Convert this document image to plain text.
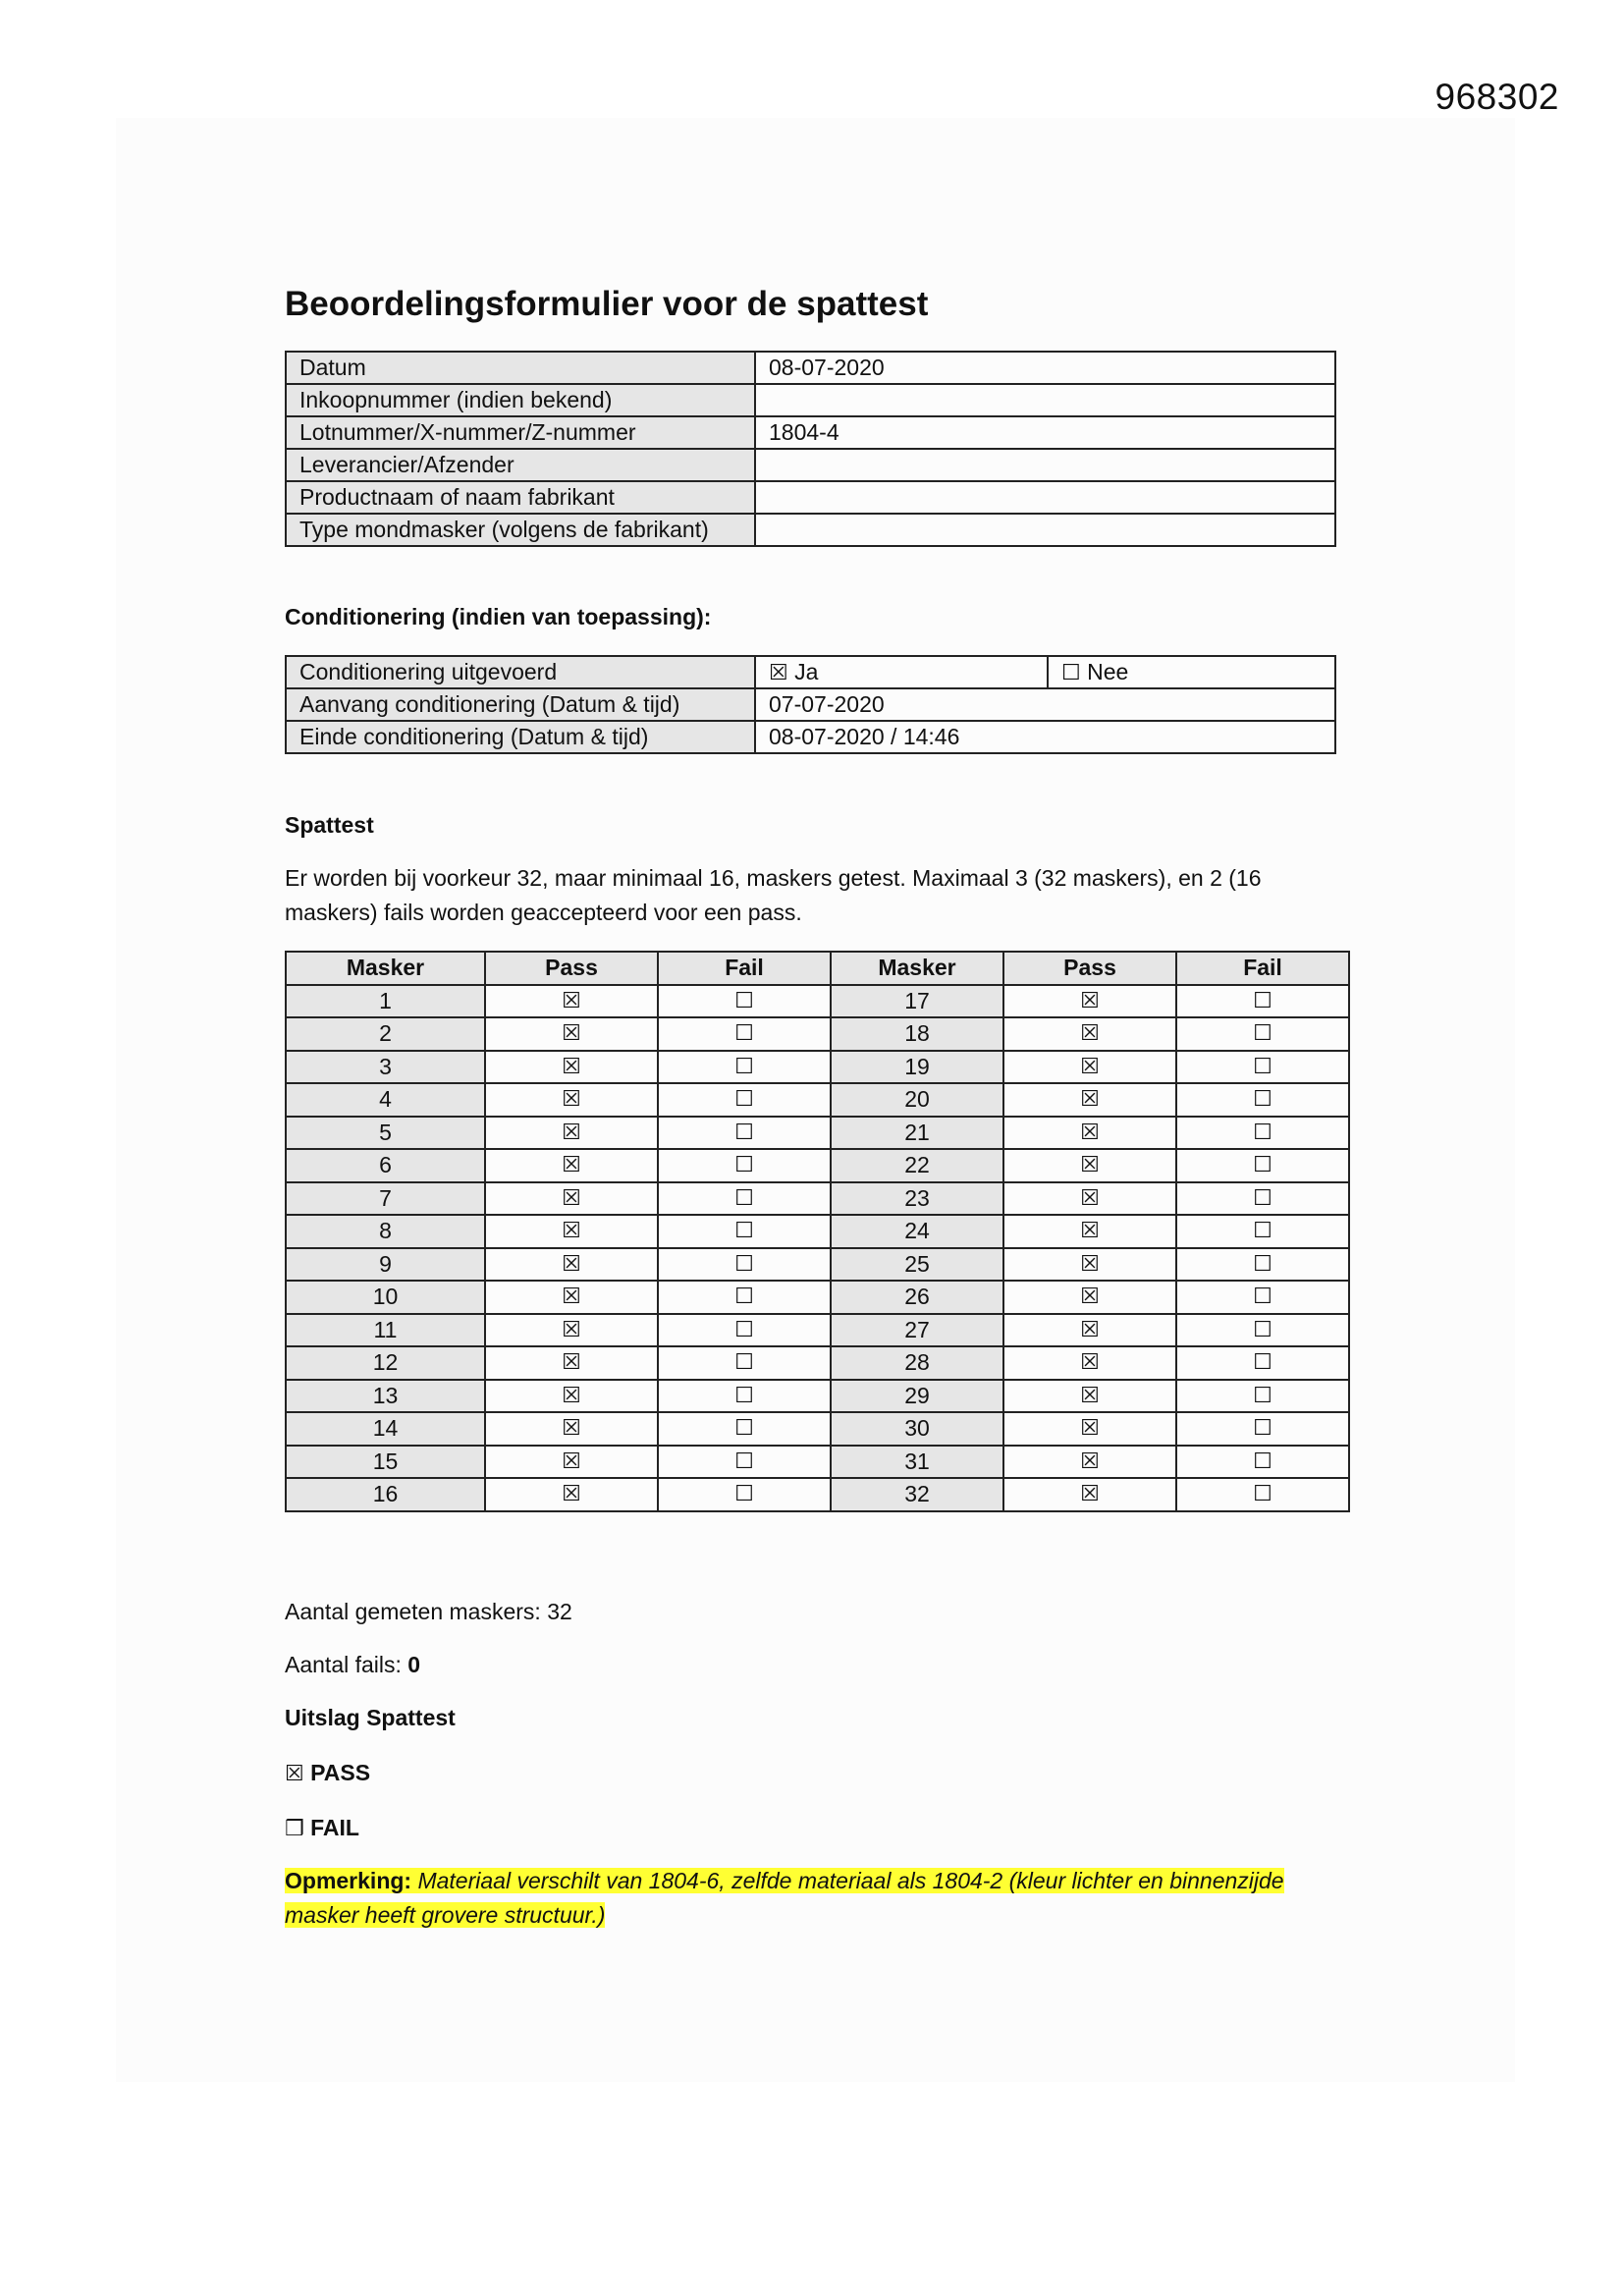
968302
Beoordelingsformulier voor de spattest
Datum	08-07-2020
Inkoopnummer (indien bekend)	
Lotnummer/X-nummer/Z-nummer	1804-4
Leverancier/Afzender	
Productnaam of naam fabrikant	
Type mondmasker (volgens de fabrikant)	
Conditionering (indien van toepassing):
Conditionering uitgevoerd	☒ Ja	☐ Nee
Aanvang conditionering (Datum & tijd)	07-07-2020	
Einde conditionering (Datum & tijd)	08-07-2020 / 14:46	
Spattest
Er worden bij voorkeur 32, maar minimaal 16, maskers getest. Maximaal 3 (32 maskers), en 2 (16 maskers) fails worden geaccepteerd voor een pass.
Masker	Pass	Fail	Masker	Pass	Fail
1	☒	☐	17	☒	☐
2	☒	☐	18	☒	☐
3	☒	☐	19	☒	☐
4	☒	☐	20	☒	☐
5	☒	☐	21	☒	☐
6	☒	☐	22	☒	☐
7	☒	☐	23	☒	☐
8	☒	☐	24	☒	☐
9	☒	☐	25	☒	☐
10	☒	☐	26	☒	☐
11	☒	☐	27	☒	☐
12	☒	☐	28	☒	☐
13	☒	☐	29	☒	☐
14	☒	☐	30	☒	☐
15	☒	☐	31	☒	☐
16	☒	☐	32	☒	☐
Aantal gemeten maskers: 32
Aantal fails: 0
Uitslag Spattest
☒ PASS
❒ FAIL
Opmerking: Materiaal verschilt van 1804-6, zelfde materiaal als 1804-2 (kleur lichter en binnenzijde masker heeft grovere structuur.)
